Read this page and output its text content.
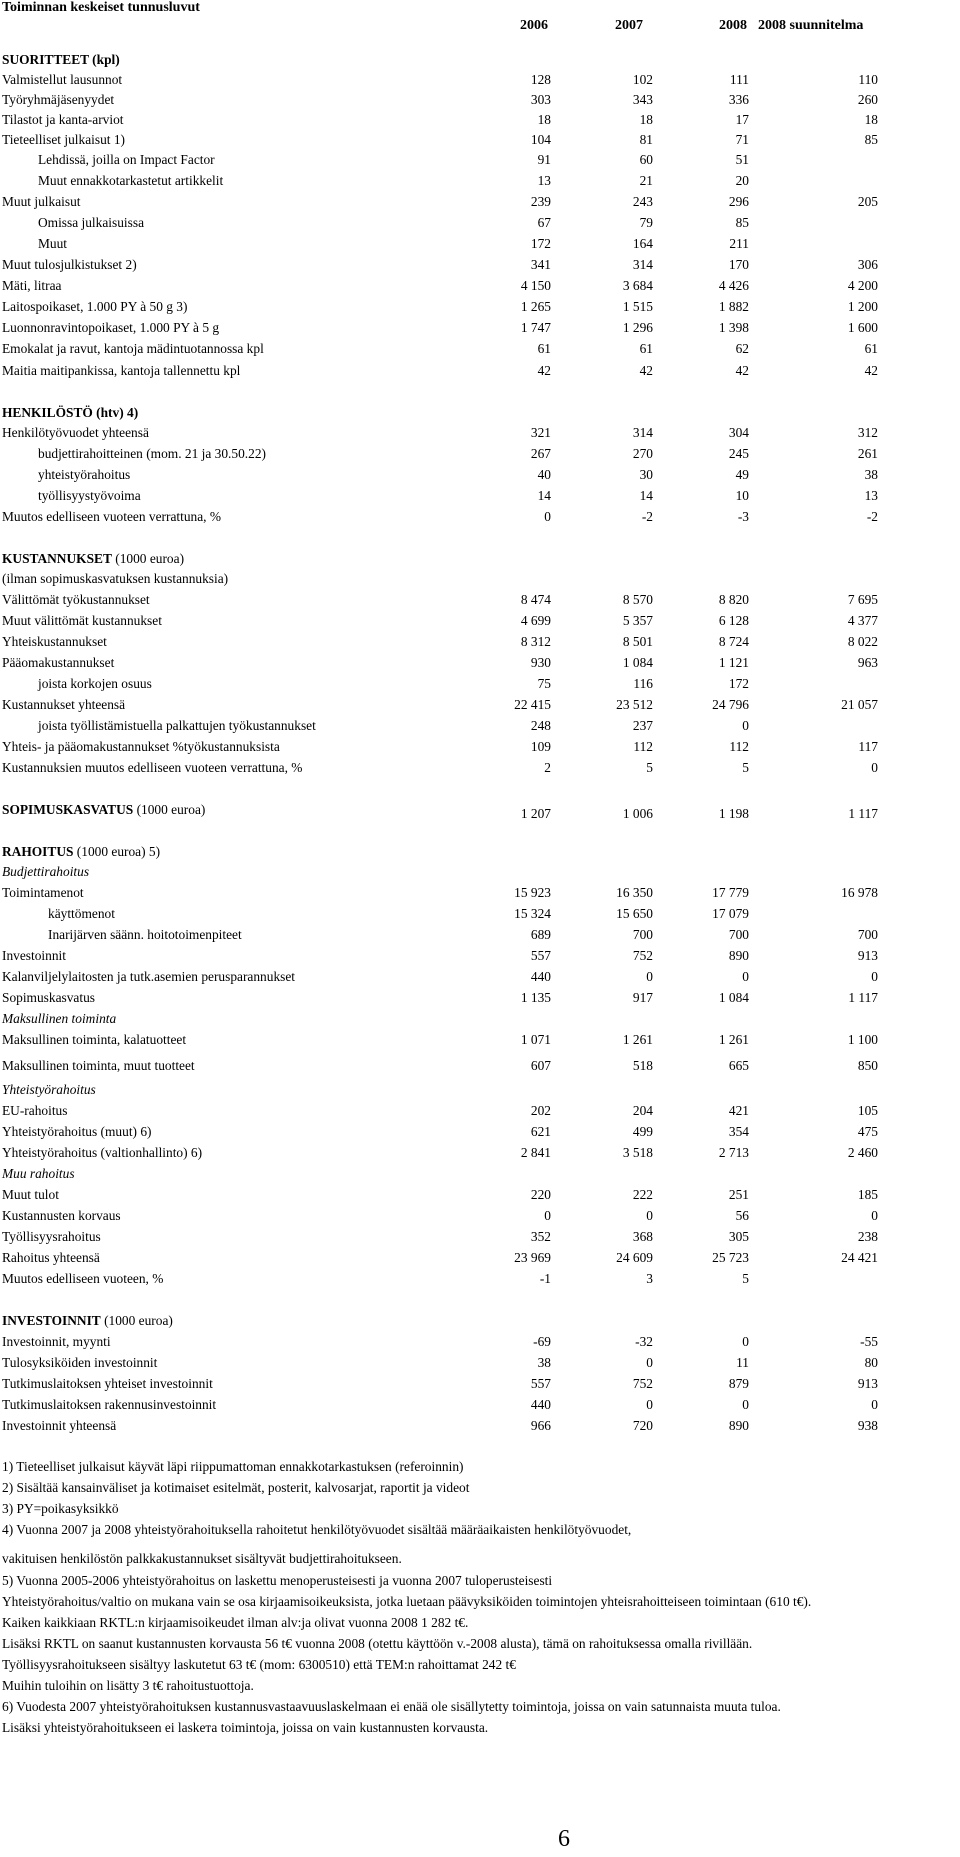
Toiminnan keskeiset tunnusluvut
2006	2007	2008 2008 suunnitelma
SUORITTEET (kpl)
Valmistellut lausunnot	128	102	111	110
Työryhmäjäsenyydet	303	343	336	260
Tilastot ja kanta-arviot	18	18	17	18
Tieteelliset julkaisut 1)	104	81	71	85
Lehdissä, joilla on Impact Factor	91	60	51
Muut ennakkotarkastetut artikkelit	13	21	20
Muut julkaisut	239	243	296	205
Omissa julkaisuissa	67	79	85
Muut	172	164	211
Muut tulosjulkistukset 2)	341	314	170	306
Mäti, litraa	4 150	3 684	4 426	4 200
Laitospoikaset, 1.000 PY à 50 g 3)	1 265	1 515	1 882	1 200
Luonnonravintopoikaset, 1.000 PY à 5 g	1 747	1 296	1 398	1 600
Emokalat ja ravut, kantoja mädintuotannossa kpl	61	61	62	61
Maitia maitipankissa, kantoja tallennettu kpl	42	42	42	42
HENKILÖSTÖ (htv) 4)
Henkilötyövuodet yhteensä	321	314	304	312
budjettirahoitteinen (mom. 21 ja 30.50.22)	267	270	245	261
yhteistyörahoitus	40	30	49	38
työllisyystyövoima	14	14	10	13
Muutos edelliseen vuoteen verrattuna, %	0	-2	-3	-2
KUSTANNUKSET (1000 euroa)
(ilman sopimuskasvatuksen kustannuksia)
Välittömät työkustannukset	8 474	8 570	8 820	7 695
Muut välittömät kustannukset	4 699	5 357	6 128	4 377
Yhteiskustannukset	8 312	8 501	8 724	8 022
Pääomakustannukset	930	1 084	1 121	963
joista korkojen osuus	75	116	172
Kustannukset yhteensä	22 415	23 512	24 796	21 057
joista työllistämistuella palkattujen työkustannukset	248	237	0
Yhteis- ja pääomakustannukset %työkustannuksista	109	112	112	117
Kustannuksien muutos edelliseen vuoteen verrattuna, %	2	5	5	0
SOPIMUSKASVATUS (1000 euroa)	1 207	1 006	1 198	1 117
RAHOITUS (1000 euroa) 5)
Budjettirahoitus
Toimintamenot	15 923	16 350	17 779	16 978
käyttömenot	15 324	15 650	17 079
Inarijärven säänn. hoitotoimenpiteet	689	700	700	700
Investoinnit	557	752	890	913
Kalanviljelylaitosten ja tutk.asemien perusparannukset	440	0	0	0
Sopimuskasvatus	1 135	917	1 084	1 117
Maksullinen toiminta
Maksullinen toiminta, kalatuotteet	1 071	1 261	1 261	1 100
Maksullinen toiminta, muut tuotteet	607	518	665	850
Yhteistyörahoitus
EU-rahoitus	202	204	421	105
Yhteistyörahoitus (muut) 6)	621	499	354	475
Yhteistyörahoitus (valtionhallinto) 6)	2 841	3 518	2 713	2 460
Muu rahoitus
Muut tulot	220	222	251	185
Kustannusten korvaus	0	0	56	0
Työllisyysrahoitus	352	368	305	238
Rahoitus yhteensä	23 969	24 609	25 723	24 421
Muutos edelliseen vuoteen, %	-1	3	5
INVESTOINNIT (1000 euroa)
Investoinnit, myynti	-69	-32	0	-55
Tulosyksiköiden investoinnit	38	0	11	80
Tutkimuslaitoksen yhteiset investoinnit	557	752	879	913
Tutkimuslaitoksen rakennusinvestoinnit	440	0	0	0
Investoinnit yhteensä	966	720	890	938
1) Tieteelliset julkaisut käyvät läpi riippumattoman ennakkotarkastuksen (referoinnin)
2) Sisältää kansainväliset ja kotimaiset esitelmät, posterit, kalvosarjat, raportit ja videot
3) PY=poikasyksikkö
4) Vuonna 2007 ja 2008 yhteistyörahoituksella rahoitetut henkilötyövuodet sisältää määräaikaisten henkilötyövuodet,
vakituisen henkilöstön palkkakustannukset sisältyvät budjettirahoitukseen.
5) Vuonna 2005-2006 yhteistyörahoitus on laskettu menoperusteisesti ja vuonna 2007 tuloperusteisesti
Yhteistyörahoitus/valtio on mukana vain se osa kirjaamisoikeuksista, jotka luetaan päävyksiköiden toimintojen yhteisrahoitteiseen toimintaan (610 t€).
Kaiken kaikkiaan RKTL:n kirjaamisoikeudet ilman alv:ja olivat vuonna 2008 1 282 t€.
Lisäksi RKTL on saanut kustannusten korvausta 56 t€ vuonna 2008 (otettu käyttöön v.-2008 alusta), tämä on rahoituksessa omalla rivillään.
Työllisyysrahoitukseen sisältyy laskutetut 63 t€ (mom: 6300510) että TEM:n rahoittamat 242 t€
Muihin tuloihin on lisätty 3 t€ rahoitustuottoja.
6) Vuodesta 2007 yhteistyörahoituksen kustannusvastaavuuslaskelmaan ei enää ole sisällytetty toimintoja, joissa on vain satunnaista muuta tuloa.
Lisäksi yhteistyörahoitukseen ei laskета toimintoja, joissa on vain kustannusten korvausta.
6
